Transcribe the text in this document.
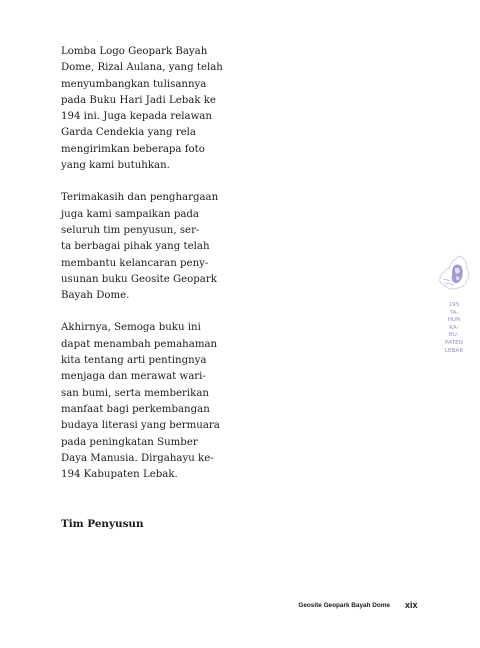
Lomba Logo Geopark Bayah
Dome, Rizal Aulana, yang telah
menyumbangkan tulisannya
pada Buku Hari Jadi Lebak ke
194 ini. Juga kepada relawan
Garda Cendekia yang rela
mengirimkan beberapa foto
yang kami butuhkan.

Terimakasih dan penghargaan
juga kami sampaikan pada
seluruh tim penyusun, ser-
ta berbagai pihak yang telah
membantu kelancaran peny-
usunan buku Geosite Geopark
Bayah Dome.

Akhirnya, Semoga buku ini
dapat menambah pemahaman
kita tentang arti pentingnya
menjaga dan merawat wari-
san bumi, serta memberikan
manfaat bagi perkembangan
budaya literasi yang bermuara
pada peningkatan Sumber
Daya Manusia. Dirgahayu ke-
194 Kabupaten Lebak.

Tim Penyusun

195
TA-
HUN
KA-
BU-
PATEN
LEBAK

Geosite Geopark Bayah Dome xix
